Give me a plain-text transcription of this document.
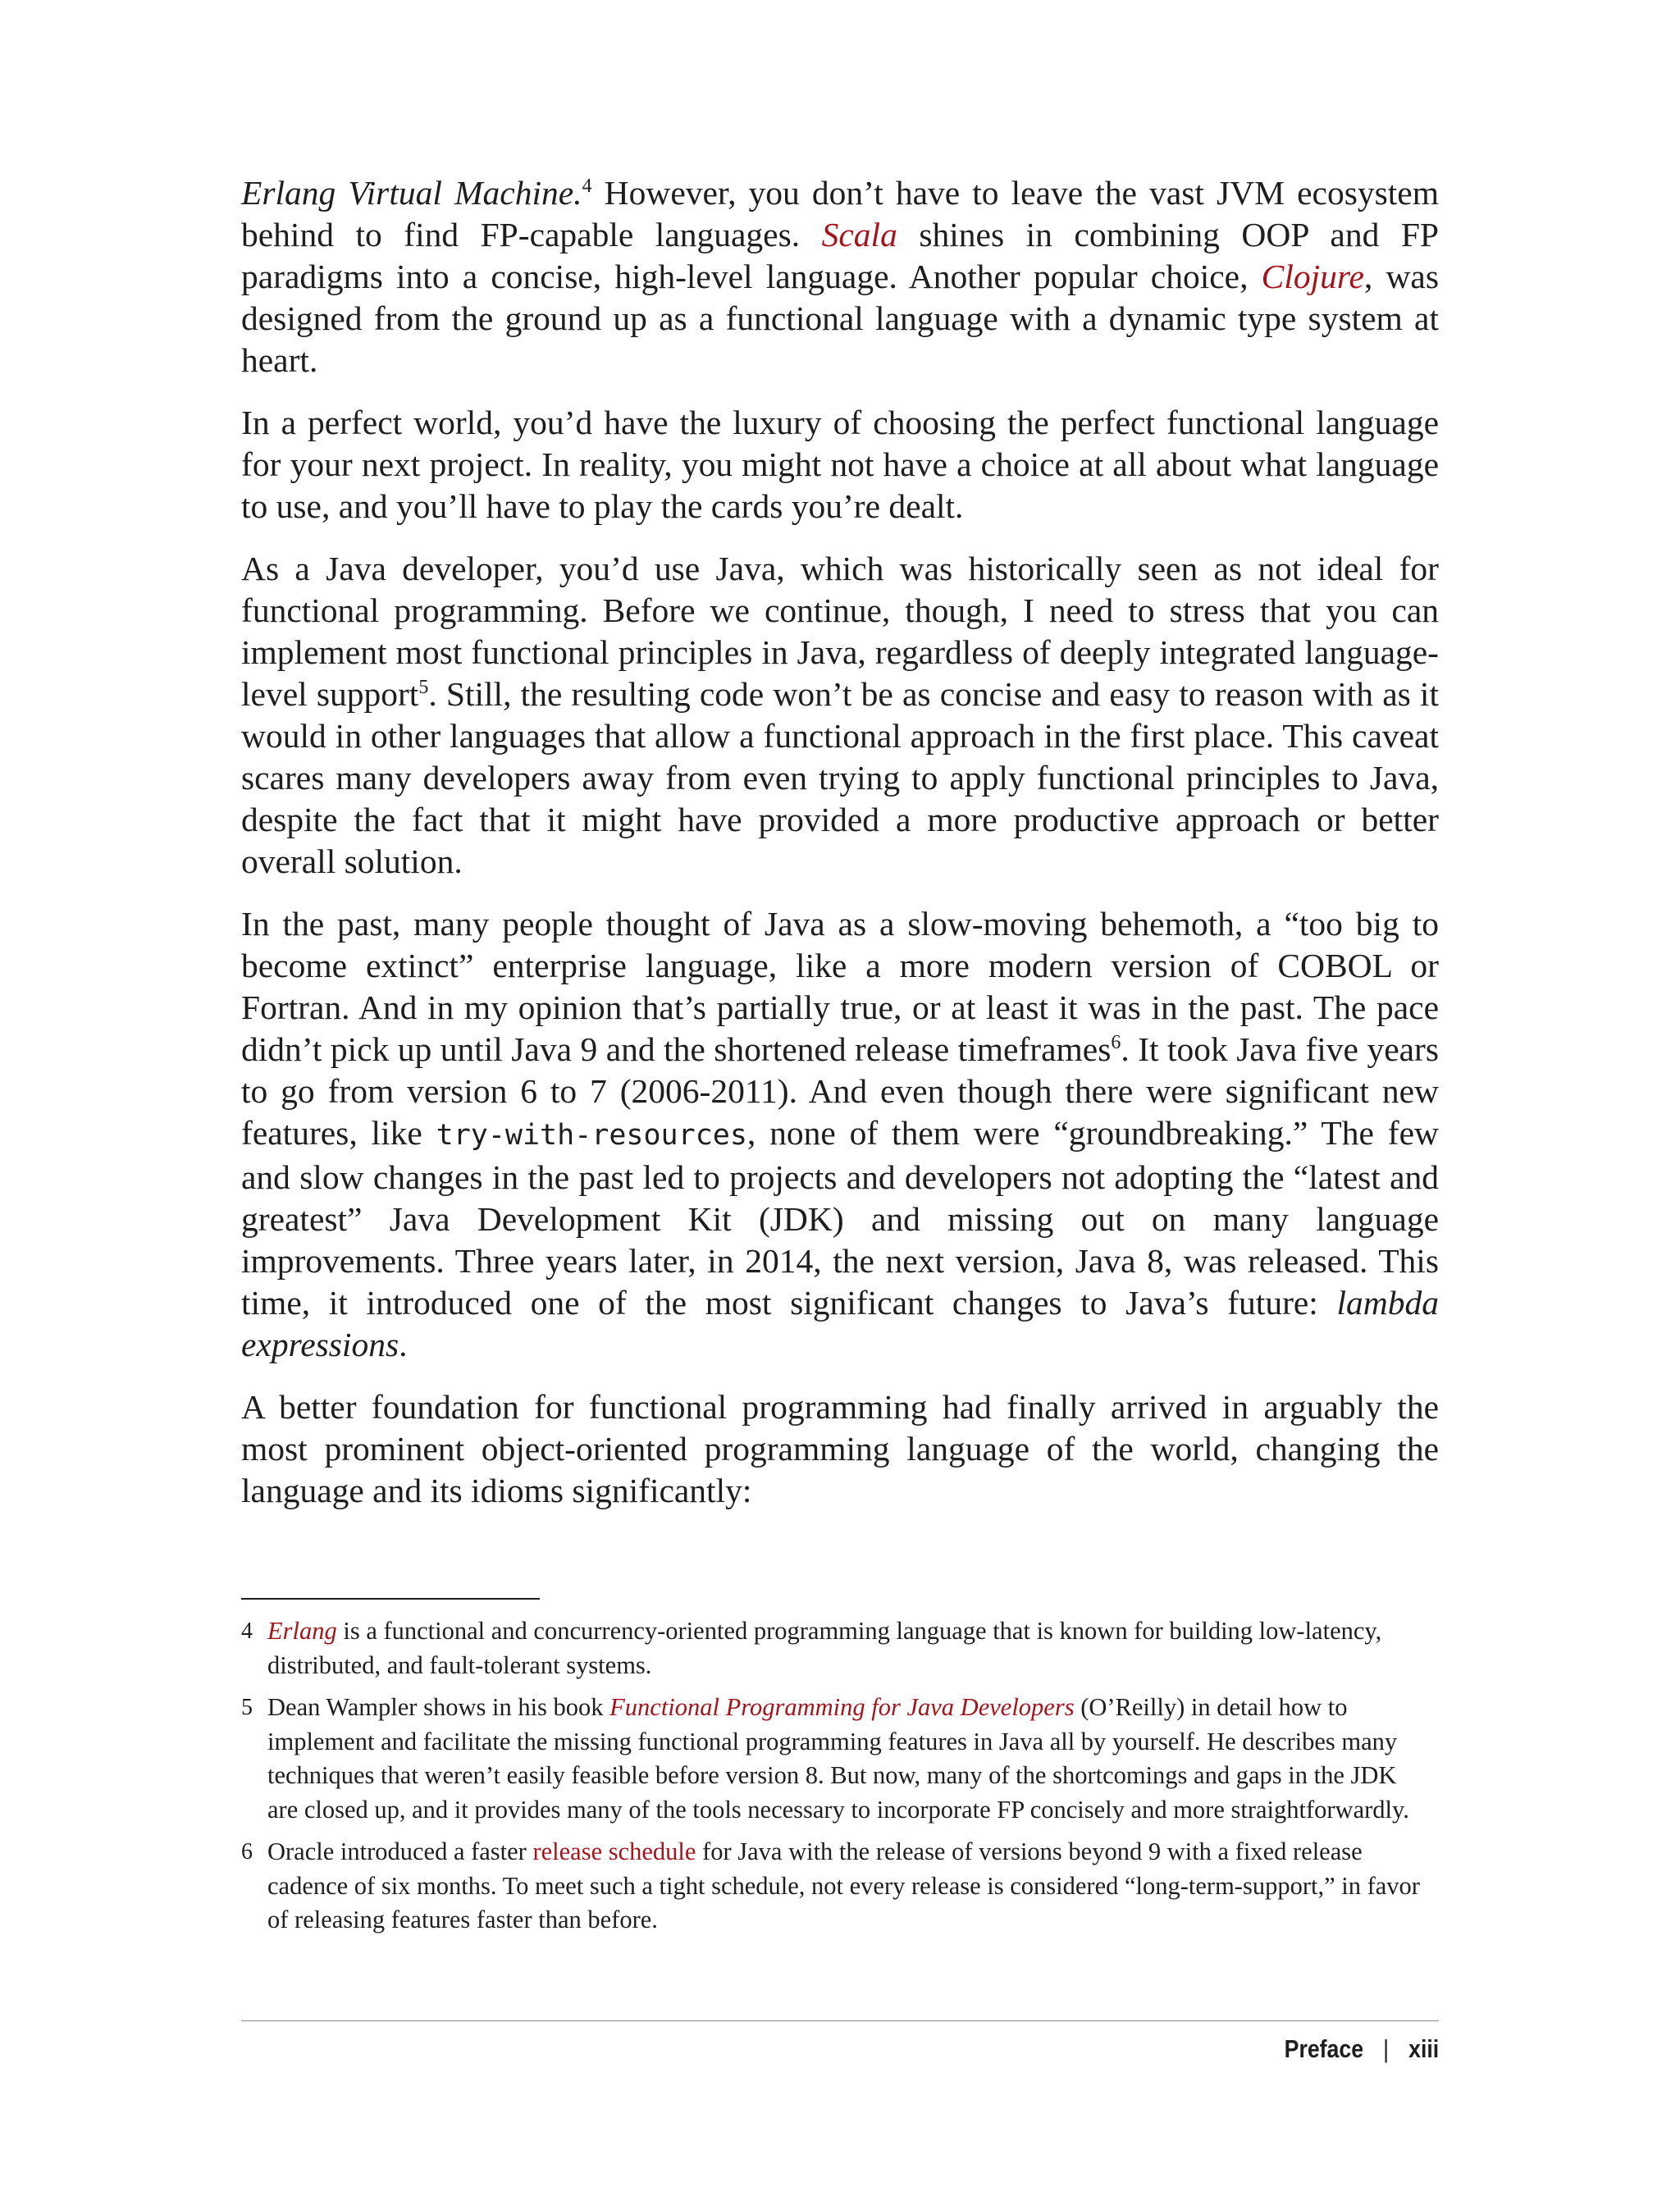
Erlang Virtual Machine.$^4$ However, you don’t have to leave the vast JVM ecosystem behind to find FP-capable languages. Scala shines in combining OOP and FP paradigms into a concise, high-level language. Another popular choice, Clojure, was designed from the ground up as a functional language with a dynamic type system at heart.

In a perfect world, you’d have the luxury of choosing the perfect functional language for your next project. In reality, you might not have a choice at all about what language to use, and you’ll have to play the cards you’re dealt.

As a Java developer, you’d use Java, which was historically seen as not ideal for functional programming. Before we continue, though, I need to stress that you can implement most functional principles in Java, regardless of deeply integrated language-level support$^5$. Still, the resulting code won’t be as concise and easy to reason with as it would in other languages that allow a functional approach in the first place. This caveat scares many developers away from even trying to apply functional principles to Java, despite the fact that it might have provided a more productive approach or better overall solution.

In the past, many people thought of Java as a slow-moving behemoth, a “too big to become extinct” enterprise language, like a more modern version of COBOL or Fortran. And in my opinion that’s partially true, or at least it was in the past. The pace didn’t pick up until Java 9 and the shortened release timeframes$^6$. It took Java five years to go from version 6 to 7 (2006-2011). And even though there were significant new features, like try-with-resources, none of them were “groundbreaking.” The few and slow changes in the past led to projects and developers not adopting the “latest and greatest” Java Development Kit (JDK) and missing out on many language improvements. Three years later, in 2014, the next version, Java 8, was released. This time, it introduced one of the most significant changes to Java’s future: lambda expressions.

A better foundation for functional programming had finally arrived in arguably the most prominent object-oriented programming language of the world, changing the language and its idioms significantly:

4 Erlang is a functional and concurrency-oriented programming language that is known for building low-latency, distributed, and fault-tolerant systems.
5 Dean Wampler shows in his book Functional Programming for Java Developers (O’Reilly) in detail how to implement and facilitate the missing functional programming features in Java all by yourself. He describes many techniques that weren’t easily feasible before version 8. But now, many of the shortcomings and gaps in the JDK are closed up, and it provides many of the tools necessary to incorporate FP concisely and more straightforwardly.
6 Oracle introduced a faster release schedule for Java with the release of versions beyond 9 with a fixed release cadence of six months. To meet such a tight schedule, not every release is considered “long-term-support,” in favor of releasing features faster than before.
Preface | xiii
